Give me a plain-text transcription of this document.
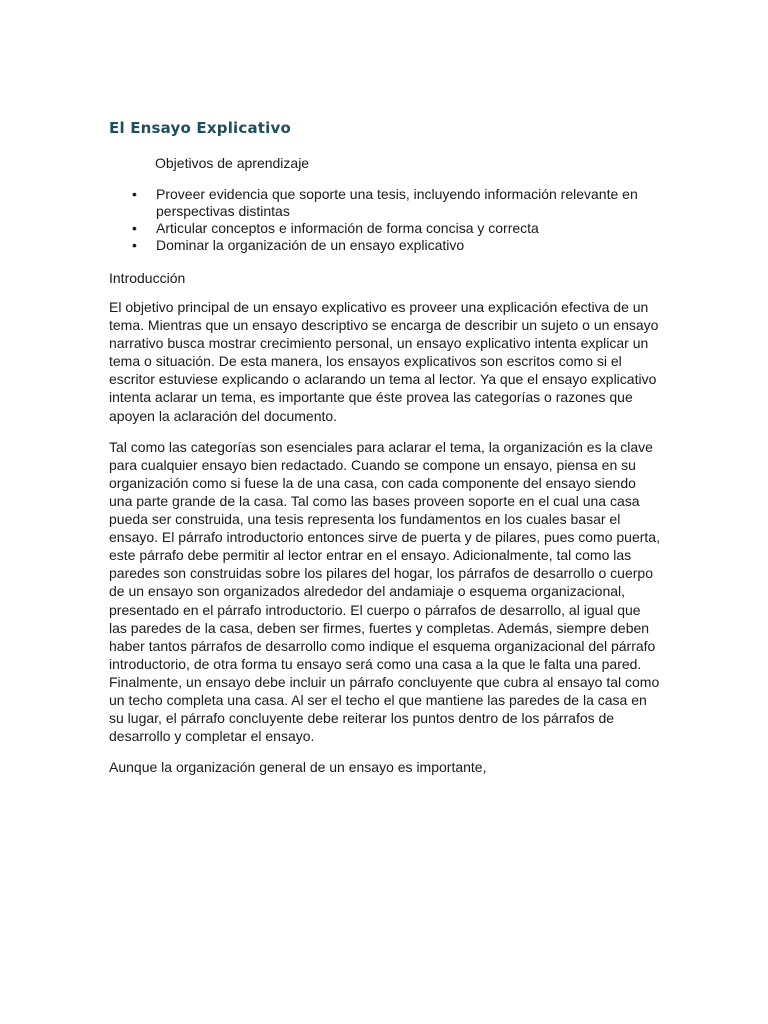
El Ensayo Explicativo
Objetivos de aprendizaje
• Proveer evidencia que soporte una tesis, incluyendo información relevante en perspectivas distintas
• Articular conceptos e información de forma concisa y correcta
• Dominar la organización de un ensayo explicativo
Introducción

El objetivo principal de un ensayo explicativo es proveer una explicación efectiva de un tema. Mientras que un ensayo descriptivo se encarga de describir un sujeto o un ensayo narrativo busca mostrar crecimiento personal, un ensayo explicativo intenta explicar un tema o situación. De esta manera, los ensayos explicativos son escritos como si el escritor estuviese explicando o aclarando un tema al lector. Ya que el ensayo explicativo intenta aclarar un tema, es importante que éste provea las categorías o razones que apoyen la aclaración del documento.

Tal como las categorías son esenciales para aclarar el tema, la organización es la clave para cualquier ensayo bien redactado. Cuando se compone un ensayo, piensa en su organización como si fuese la de una casa, con cada componente del ensayo siendo una parte grande de la casa. Tal como las bases proveen soporte en el cual una casa pueda ser construida, una tesis representa los fundamentos en los cuales basar el ensayo. El párrafo introductorio entonces sirve de puerta y de pilares, pues como puerta, este párrafo debe permitir al lector entrar en el ensayo. Adicionalmente, tal como las paredes son construidas sobre los pilares del hogar, los párrafos de desarrollo o cuerpo de un ensayo son organizados alrededor del andamiaje o esquema organizacional, presentado en el párrafo introductorio. El cuerpo o párrafos de desarrollo, al igual que las paredes de la casa, deben ser firmes, fuertes y completas. Además, siempre deben haber tantos párrafos de desarrollo como indique el esquema organizacional del párrafo introductorio, de otra forma tu ensayo será como una casa a la que le falta una pared. Finalmente, un ensayo debe incluir un párrafo concluyente que cubra al ensayo tal como un techo completa una casa. Al ser el techo el que mantiene las paredes de la casa en su lugar, el párrafo concluyente debe reiterar los puntos dentro de los párrafos de desarrollo y completar el ensayo.

Aunque la organización general de un ensayo es importante,
